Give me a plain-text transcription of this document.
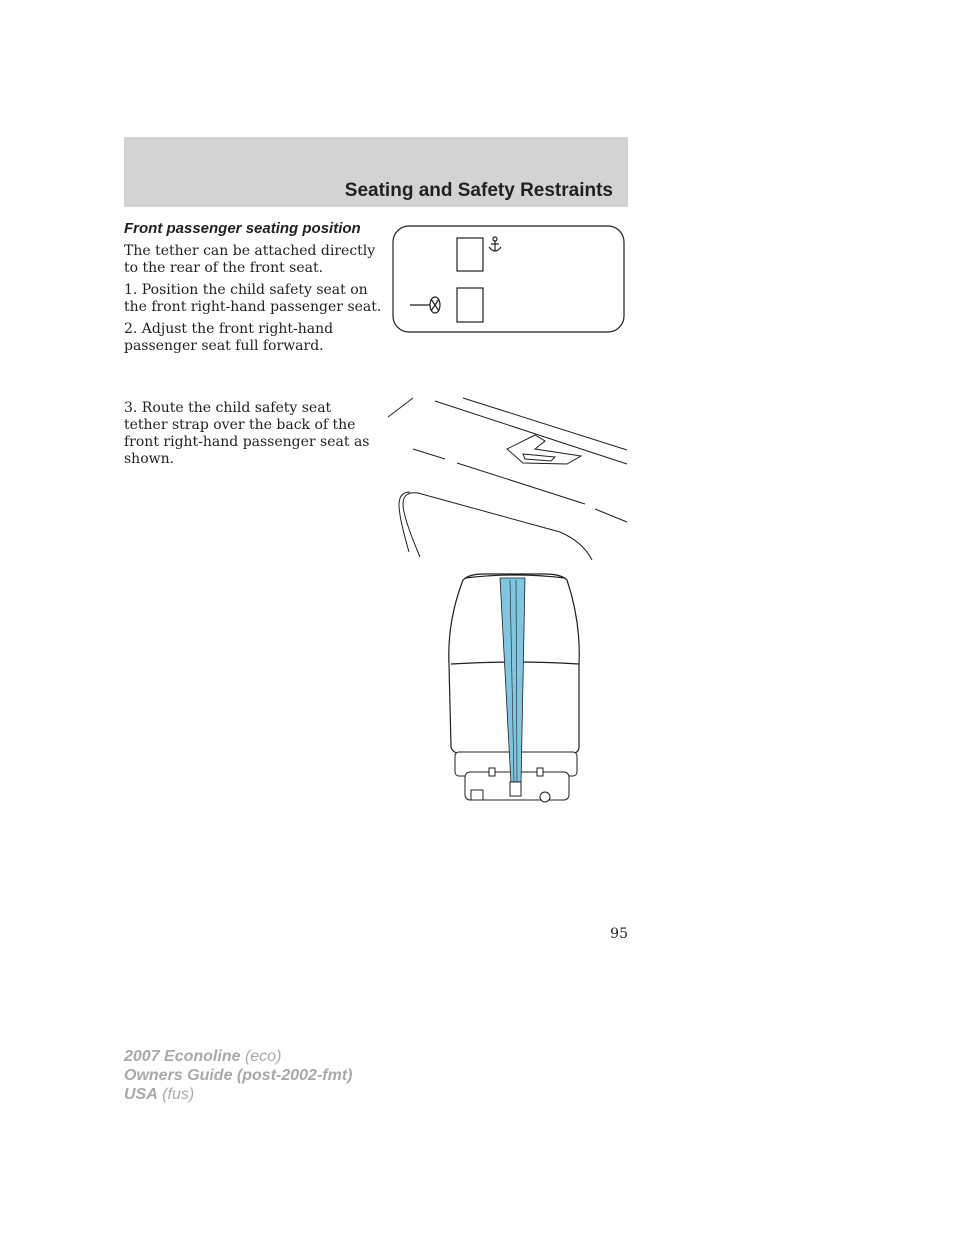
Seating and Safety Restraints
Front passenger seating position

The tether can be attached directly to the rear of the front seat.

1. Position the child safety seat on the front right-hand passenger seat.

2. Adjust the front right-hand passenger seat full forward.

3. Route the child safety seat tether strap over the back of the front right-hand passenger seat as shown.

95
2007 Econoline (eco)
Owners Guide (post-2002-fmt)
USA (fus)
